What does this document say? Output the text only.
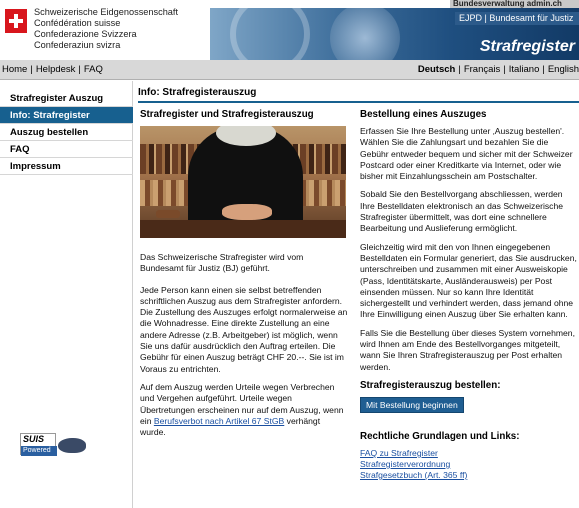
Schweizerische Eidgenossenschaft
Confédération suisse
Confederazione Svizzera
Confederaziun svizra
Bundesverwaltung admin.ch
EJPD | Bundesamt für Justiz
Strafregister
Home | Helpdesk | FAQ	Deutsch | Français | Italiano | English
Strafregister Auszug
Info: Strafregister
Auszug bestellen
FAQ
Impressum
SUIS
Powered
Info: Strafregisterauszug
Strafregister und Strafregisterauszug

Das Schweizerische Strafregister wird vom Bundesamt für Justiz (BJ) geführt.

Jede Person kann einen sie selbst betreffenden schriftlichen Auszug aus dem Strafregister anfordern. Die Zustellung des Auszuges erfolgt normalerweise an die Wohnadresse. Eine direkte Zustellung an eine andere Adresse (z.B. Arbeitgeber) ist möglich, wenn Sie uns dafür ausdrücklich den Auftrag erteilen. Die Gebühr für einen Auszug beträgt CHF 20.--. Sie ist im Voraus zu entrichten.

Auf dem Auszug werden Urteile wegen Verbrechen und Vergehen aufgeführt. Urteile wegen Übertretungen erscheinen nur auf dem Auszug, wenn ein Berufsverbot nach Artikel 67 StGB verhängt wurde.

Bestellung eines Auszuges

Erfassen Sie Ihre Bestellung unter ‚Auszug bestellen'. Wählen Sie die Zahlungsart und bezahlen Sie die Gebühr entweder bequem und sicher mit der Schweizer Postcard oder einer Kreditkarte via Internet, oder wie bisher mit Einzahlungsschein am Postschalter.

Sobald Sie den Bestellvorgang abschliessen, werden Ihre Bestelldaten elektronisch an das Schweizerische Strafregister übermittelt, was dort eine schnellere Bearbeitung und Auslieferung ermöglicht.

Gleichzeitig wird mit den von Ihnen eingegebenen Bestelldaten ein Formular generiert, das Sie ausdrucken, unterschreiben und zusammen mit einer Ausweiskopie (Pass, Identitätskarte, Ausländerausweis) per Post einsenden müssen. Nur so kann Ihre Identität sichergestellt und verhindert werden, dass jemand ohne Ihre Einwilligung einen Auszug über Sie erhalten kann.

Falls Sie die Bestellung über dieses System vornehmen, wird Ihnen am Ende des Bestellvorganges mitgeteilt, wann Sie Ihren Strafregisterauszug per Post erhalten werden.

Strafregisterauszug bestellen:
Mit Bestellung beginnen
Rechtliche Grundlagen und Links:
FAQ zu Strafregister
Strafregisterverordnung
Strafgesetzbuch (Art. 365 ff)
